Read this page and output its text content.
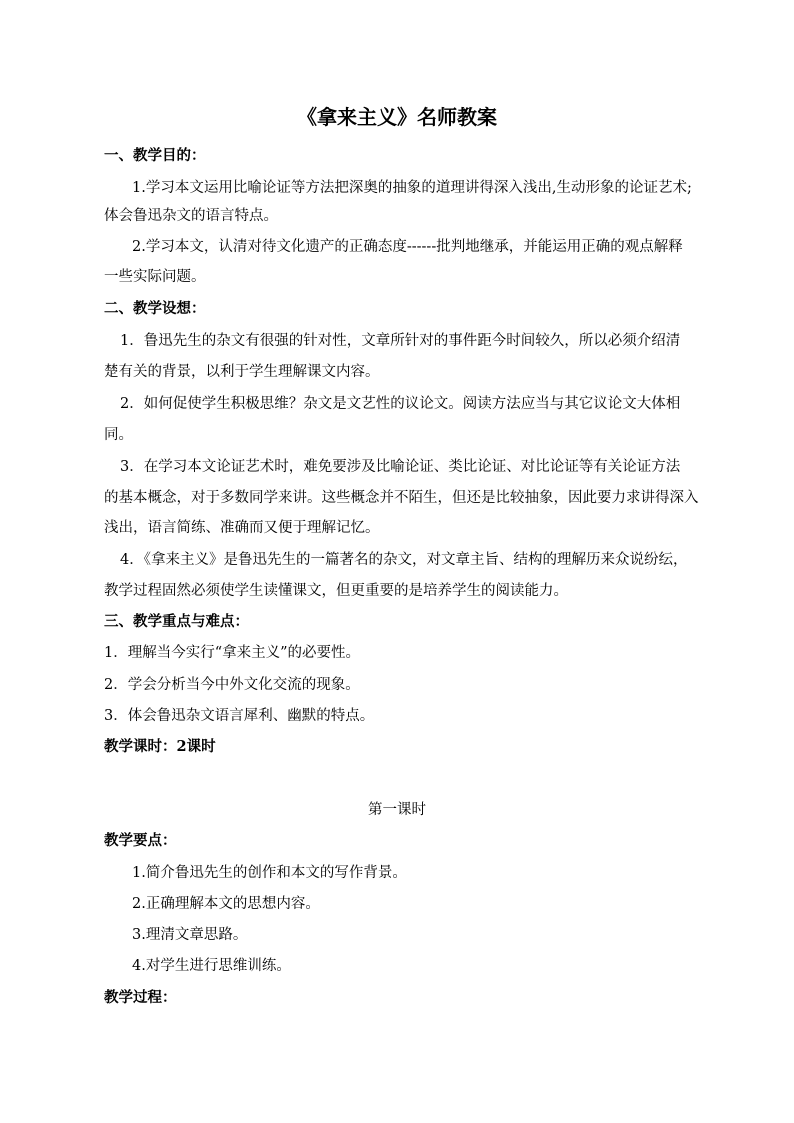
《拿来主义》名师教案
一、教学目的：
1.学习本文运用比喻论证等方法把深奥的抽象的道理讲得深入浅出,生动形象的论证艺术;
体会鲁迅杂文的语言特点。
2.学习本文，认清对待文化遗产的正确态度------批判地继承，并能运用正确的观点解释
一些实际问题。
二、教学设想：
1．鲁迅先生的杂文有很强的针对性，文章所针对的事件距今时间较久，所以必须介绍清
楚有关的背景，以利于学生理解课文内容。
2．如何促使学生积极思维？杂文是文艺性的议论文。阅读方法应当与其它议论文大体相
同。
3．在学习本文论证艺术时，难免要涉及比喻论证、类比论证、对比论证等有关论证方法
的基本概念，对于多数同学来讲。这些概念并不陌生，但还是比较抽象，因此要力求讲得深入
浅出，语言简练、准确而又便于理解记忆。
4．《拿来主义》是鲁迅先生的一篇著名的杂文，对文章主旨、结构的理解历来众说纷纭，
教学过程固然必须使学生读懂课文，但更重要的是培养学生的阅读能力。
三、教学重点与难点：
1．理解当今实行“拿来主义”的必要性。
2．学会分析当今中外文化交流的现象。
3．体会鲁迅杂文语言犀利、幽默的特点。
教学课时：2课时
第一课时
教学要点：
1.简介鲁迅先生的创作和本文的写作背景。
2.正确理解本文的思想内容。
3.理清文章思路。
4.对学生进行思维训练。
教学过程：
